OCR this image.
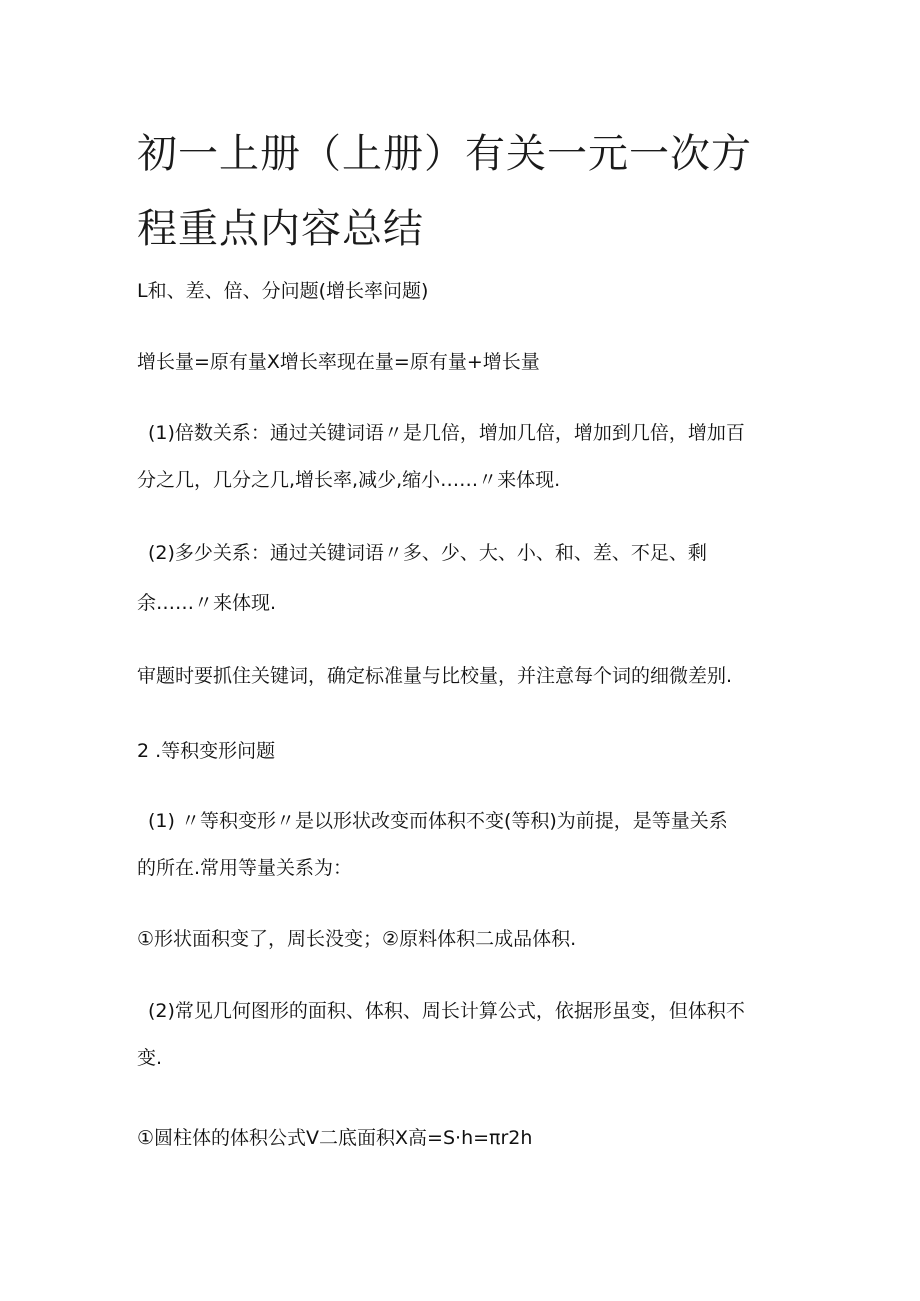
初一上册（上册）有关一元一次方
程重点内容总结
L和、差、倍、分问题(增长率问题)
增长量=原有量X增长率现在量=原有量+增长量
(1)倍数关系：通过关键词语〃是几倍，增加几倍，增加到几倍，增加百
分之几，几分之几,增长率,减少,缩小……〃来体现.
(2)多少关系：通过关键词语〃多、少、大、小、和、差、不足、剩
余……〃来体现.
审题时要抓住关键词，确定标准量与比校量，并注意每个词的细微差别.
2 .等积变形问题
(1) 〃等积变形〃是以形状改变而体积不变(等积)为前提，是等量关系
的所在.常用等量关系为：
①形状面积变了，周长没变；②原料体积二成品体积.
(2)常见几何图形的面积、体积、周长计算公式，依据形虽变，但体积不
变.
①圆柱体的体积公式V二底面积X高=S·h=πr2h
